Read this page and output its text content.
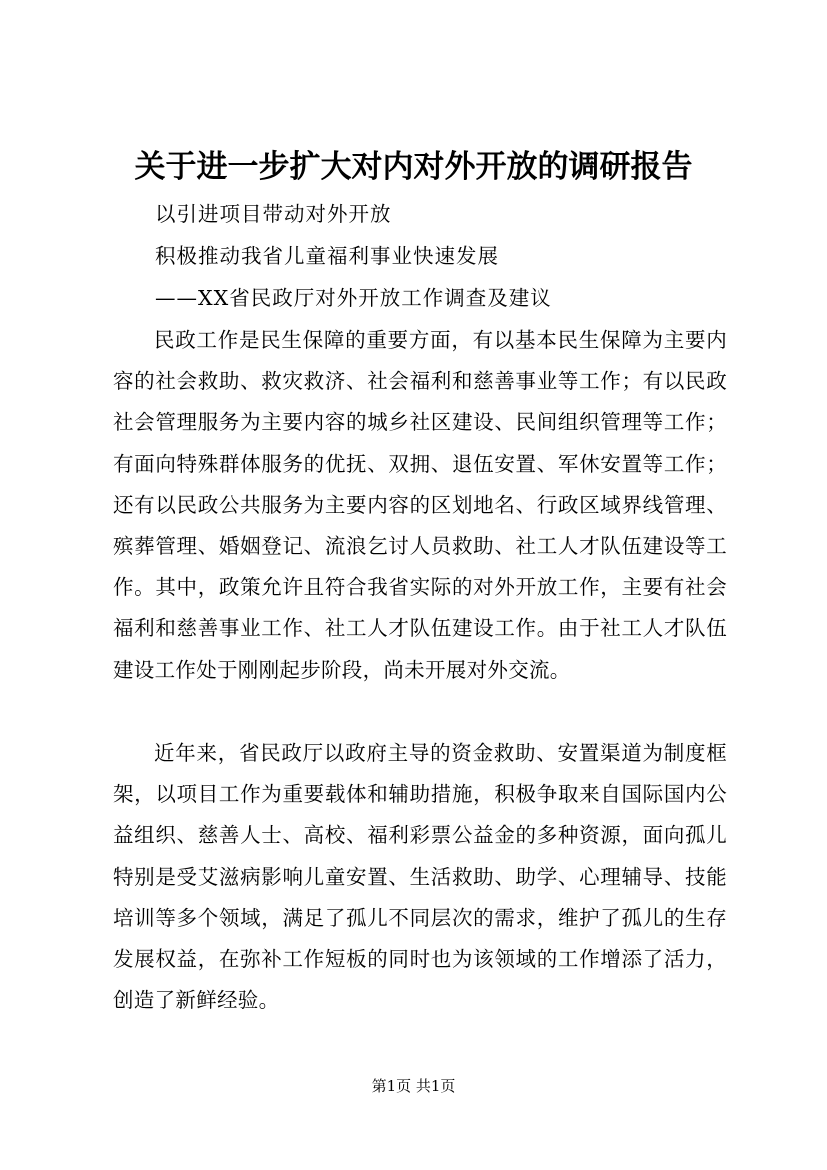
关于进一步扩大对内对外开放的调研报告
以引进项目带动对外开放
积极推动我省儿童福利事业快速发展
——XX省民政厅对外开放工作调查及建议
民政工作是民生保障的重要方面，有以基本民生保障为主要内容的社会救助、救灾救济、社会福利和慈善事业等工作；有以民政社会管理服务为主要内容的城乡社区建设、民间组织管理等工作；有面向特殊群体服务的优抚、双拥、退伍安置、军休安置等工作；还有以民政公共服务为主要内容的区划地名、行政区域界线管理、殡葬管理、婚姻登记、流浪乞讨人员救助、社工人才队伍建设等工作。其中，政策允许且符合我省实际的对外开放工作，主要有社会福利和慈善事业工作、社工人才队伍建设工作。由于社工人才队伍建设工作处于刚刚起步阶段，尚未开展对外交流。
近年来，省民政厅以政府主导的资金救助、安置渠道为制度框架，以项目工作为重要载体和辅助措施，积极争取来自国际国内公益组织、慈善人士、高校、福利彩票公益金的多种资源，面向孤儿特别是受艾滋病影响儿童安置、生活救助、助学、心理辅导、技能培训等多个领域，满足了孤儿不同层次的需求，维护了孤儿的生存发展权益，在弥补工作短板的同时也为该领域的工作增添了活力，创造了新鲜经验。
第1页 共1页
